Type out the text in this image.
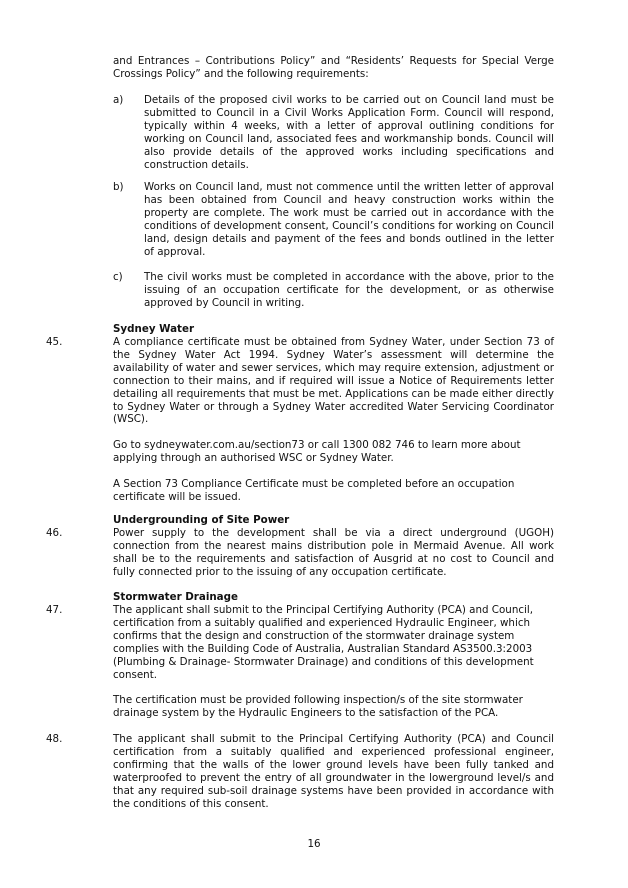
and Entrances – Contributions Policy” and “Residents’ Requests for Special Verge Crossings Policy” and the following requirements:

a) Details of the proposed civil works to be carried out on Council land must be submitted to Council in a Civil Works Application Form. Council will respond, typically within 4 weeks, with a letter of approval outlining conditions for working on Council land, associated fees and workmanship bonds. Council will also provide details of the approved works including specifications and construction details.

b) Works on Council land, must not commence until the written letter of approval has been obtained from Council and heavy construction works within the property are complete. The work must be carried out in accordance with the conditions of development consent, Council’s conditions for working on Council land, design details and payment of the fees and bonds outlined in the letter of approval.

c) The civil works must be completed in accordance with the above, prior to the issuing of an occupation certificate for the development, or as otherwise approved by Council in writing.

Sydney Water
45.	A compliance certificate must be obtained from Sydney Water, under Section 73 of the Sydney Water Act 1994. Sydney Water’s assessment will determine the availability of water and sewer services, which may require extension, adjustment or connection to their mains, and if required will issue a Notice of Requirements letter detailing all requirements that must be met. Applications can be made either directly to Sydney Water or through a Sydney Water accredited Water Servicing Coordinator (WSC).

Go to sydneywater.com.au/section73 or call 1300 082 746 to learn more about applying through an authorised WSC or Sydney Water.

A Section 73 Compliance Certificate must be completed before an occupation certificate will be issued.

Undergrounding of Site Power
46.	Power supply to the development shall be via a direct underground (UGOH) connection from the nearest mains distribution pole in Mermaid Avenue. All work shall be to the requirements and satisfaction of Ausgrid at no cost to Council and fully connected prior to the issuing of any occupation certificate.

Stormwater Drainage
47.	The applicant shall submit to the Principal Certifying Authority (PCA) and Council, certification from a suitably qualified and experienced Hydraulic Engineer, which confirms that the design and construction of the stormwater drainage system complies with the Building Code of Australia, Australian Standard AS3500.3:2003 (Plumbing & Drainage- Stormwater Drainage) and conditions of this development consent.

The certification must be provided following inspection/s of the site stormwater drainage system by the Hydraulic Engineers to the satisfaction of the PCA.

48.	The applicant shall submit to the Principal Certifying Authority (PCA) and Council certification from a suitably qualified and experienced professional engineer, confirming that the walls of the lower ground levels have been fully tanked and waterproofed to prevent the entry of all groundwater in the lowerground level/s and that any required sub-soil drainage systems have been provided in accordance with the conditions of this consent.

16
